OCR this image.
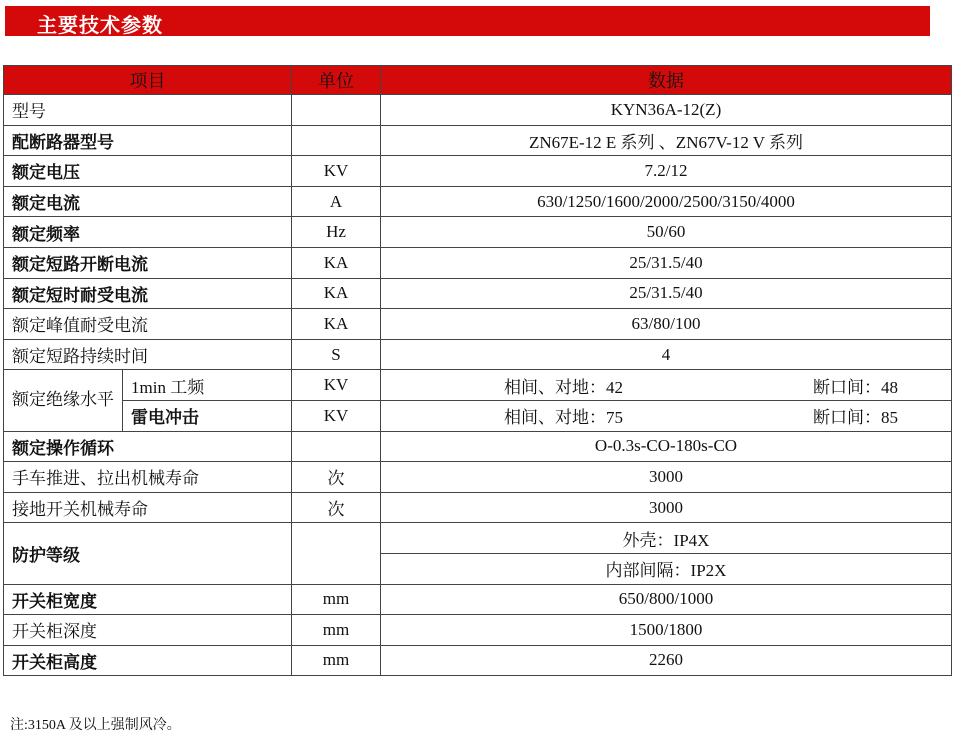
主要技术参数
项目		单位	数据
型号			KYN36A-12(Z)
配断路器型号			ZN67E-12 E 系列 、ZN67V-12 V 系列
额定电压		KV	7.2/12
额定电流		A	630/1250/1600/2000/2500/3150/4000
额定频率		Hz	50/60
额定短路开断电流		KA	25/31.5/40
额定短时耐受电流		KA	25/31.5/40
额定峰值耐受电流		KA	63/80/100
额定短路持续时间		S	4
额定绝缘水平	1min 工频	KV	相间、对地：42 断口间：48

	雷电冲击	KV	相间、对地：75 断口间：85

额定操作循环			O-0.3s-CO-180s-CO
手车推进、拉出机械寿命		次	3000
接地开关机械寿命		次	3000
防护等级			外壳：IP4X
			内部间隔：IP2X
开关柜宽度		mm	650/800/1000
开关柜深度		mm	1500/1800
开关柜高度		mm	2260
注:3150A 及以上强制风冷。
